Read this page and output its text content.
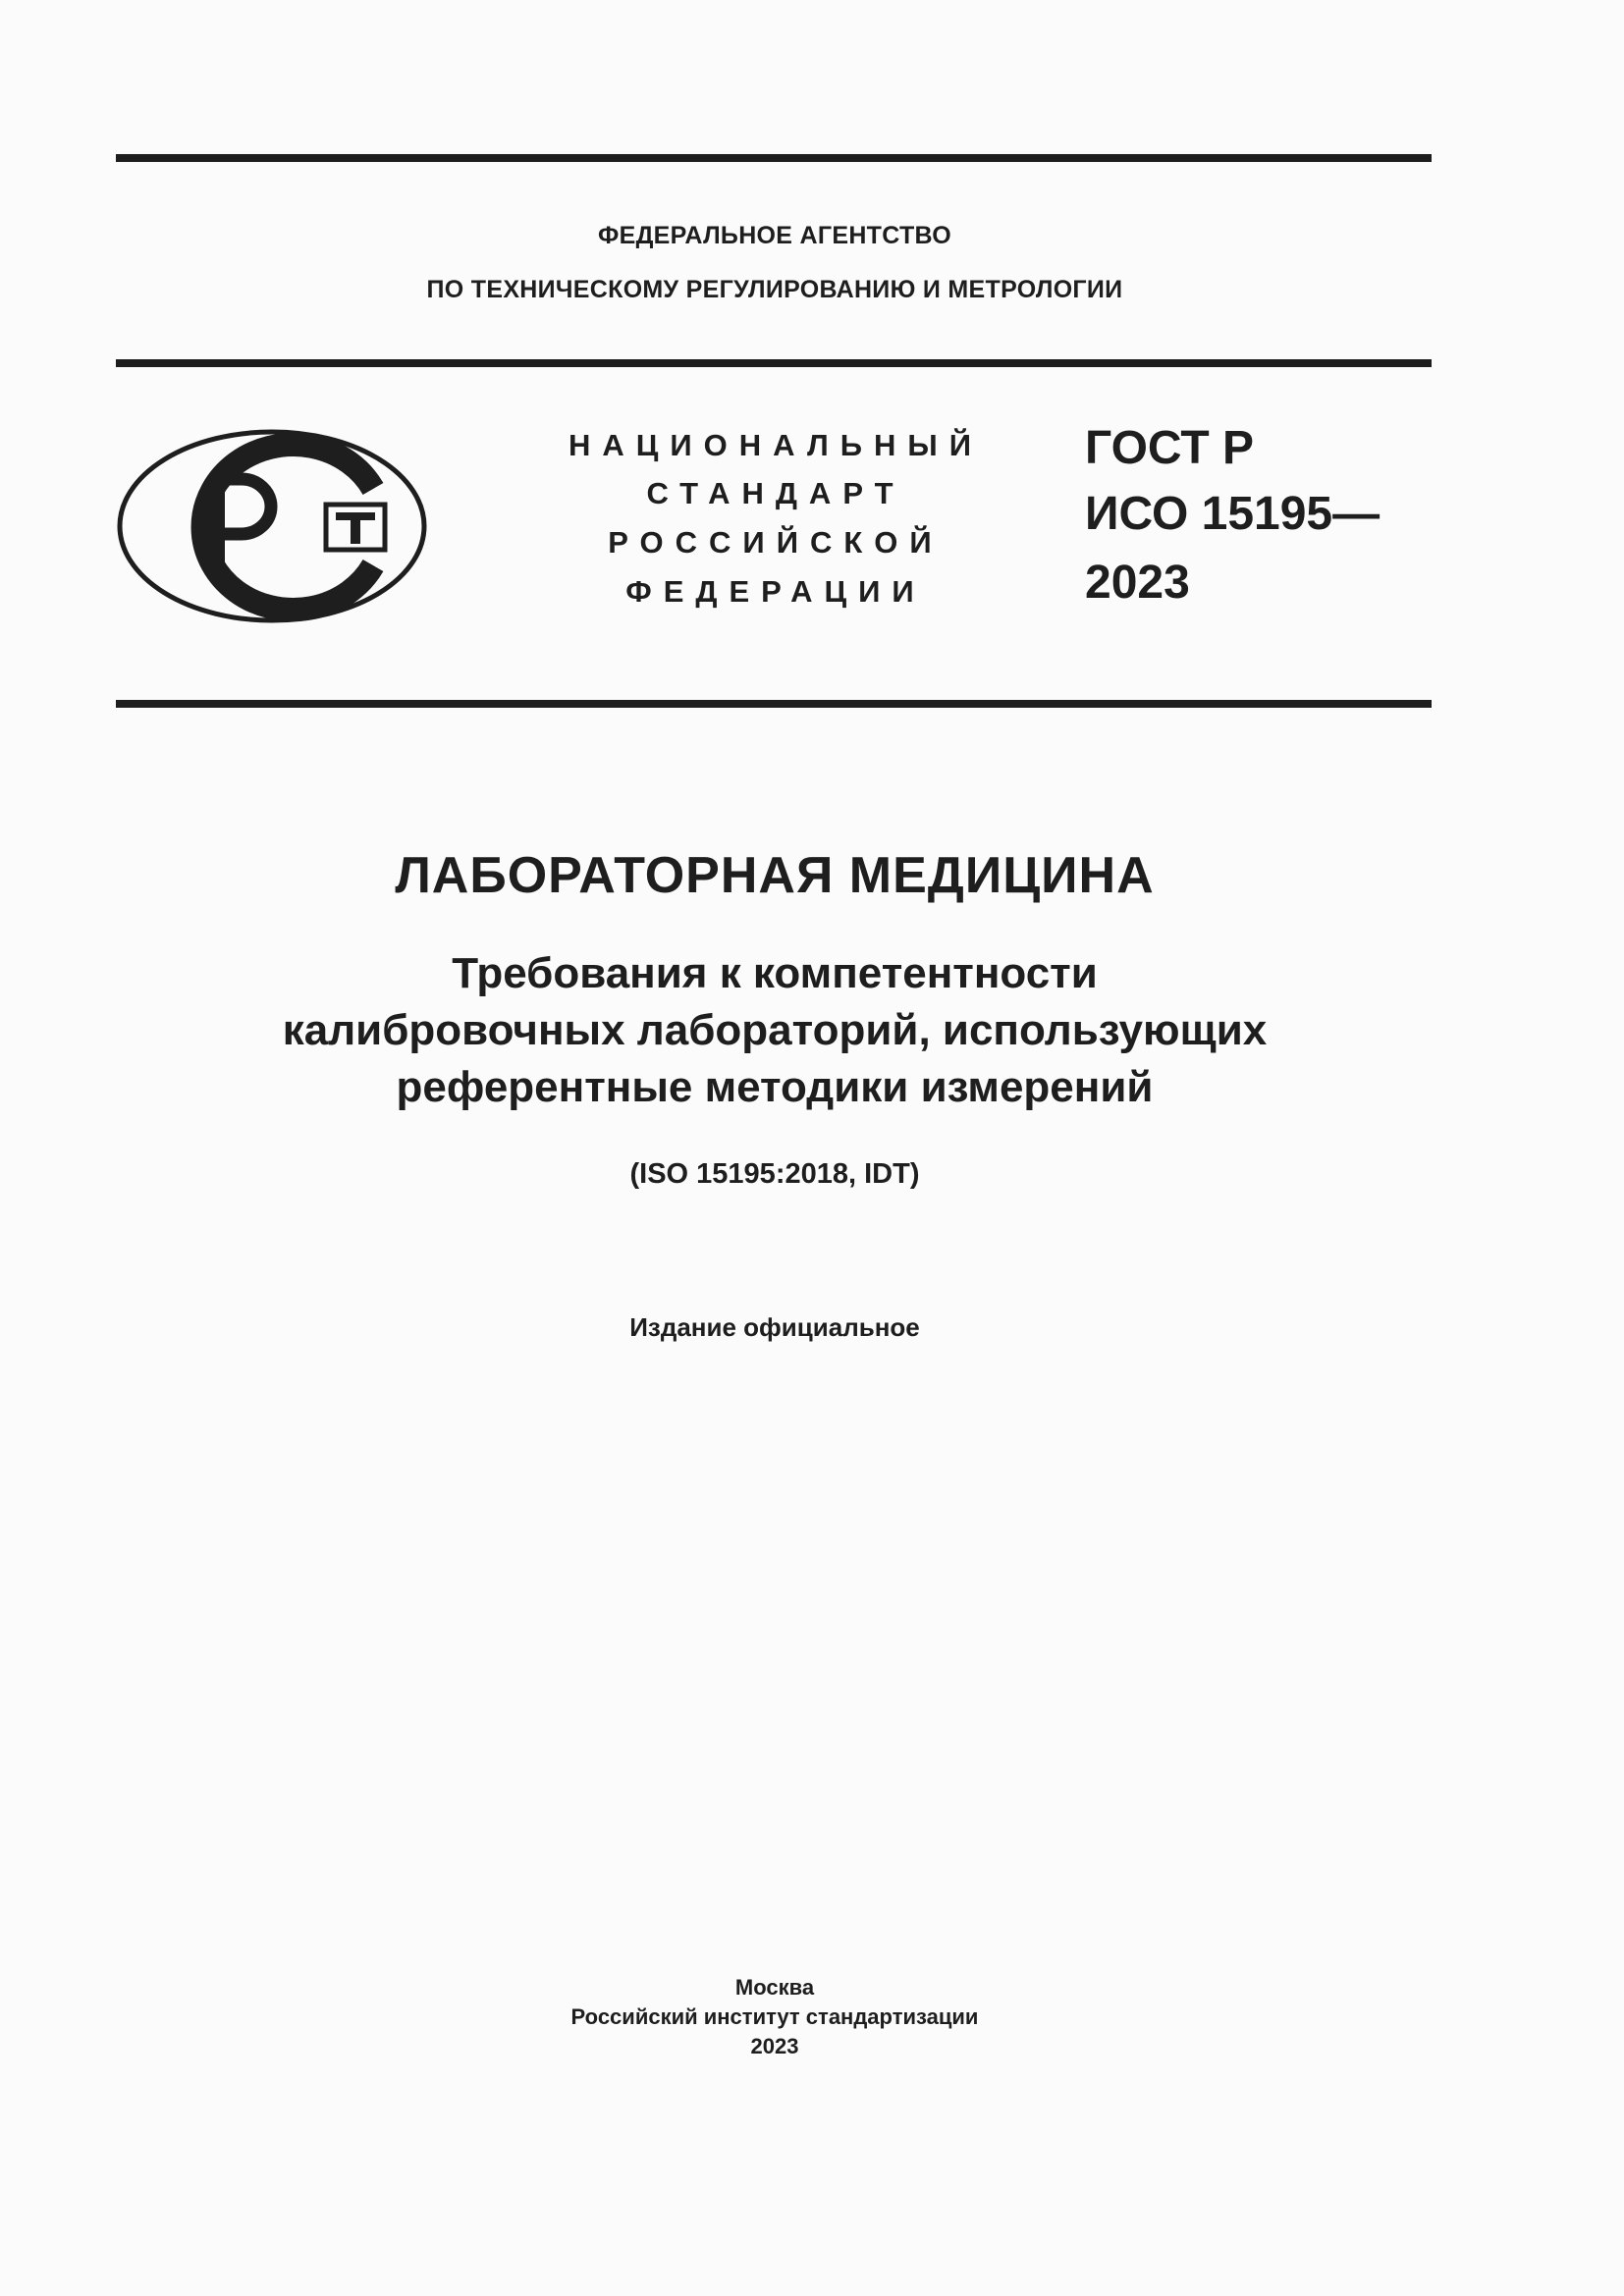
ФЕДЕРАЛЬНОЕ АГЕНТСТВО
ПО ТЕХНИЧЕСКОМУ РЕГУЛИРОВАНИЮ И МЕТРОЛОГИИ
НАЦИОНАЛЬНЫЙ
СТАНДАРТ
РОССИЙСКОЙ
ФЕДЕРАЦИИ
ГОСТ Р
ИСО 15195—
2023
ЛАБОРАТОРНАЯ МЕДИЦИНА
Требования к компетентности
калибровочных лабораторий, использующих
референтные методики измерений
(ISO 15195:2018, IDT)
Издание официальное
Москва
Российский институт стандартизации
2023
